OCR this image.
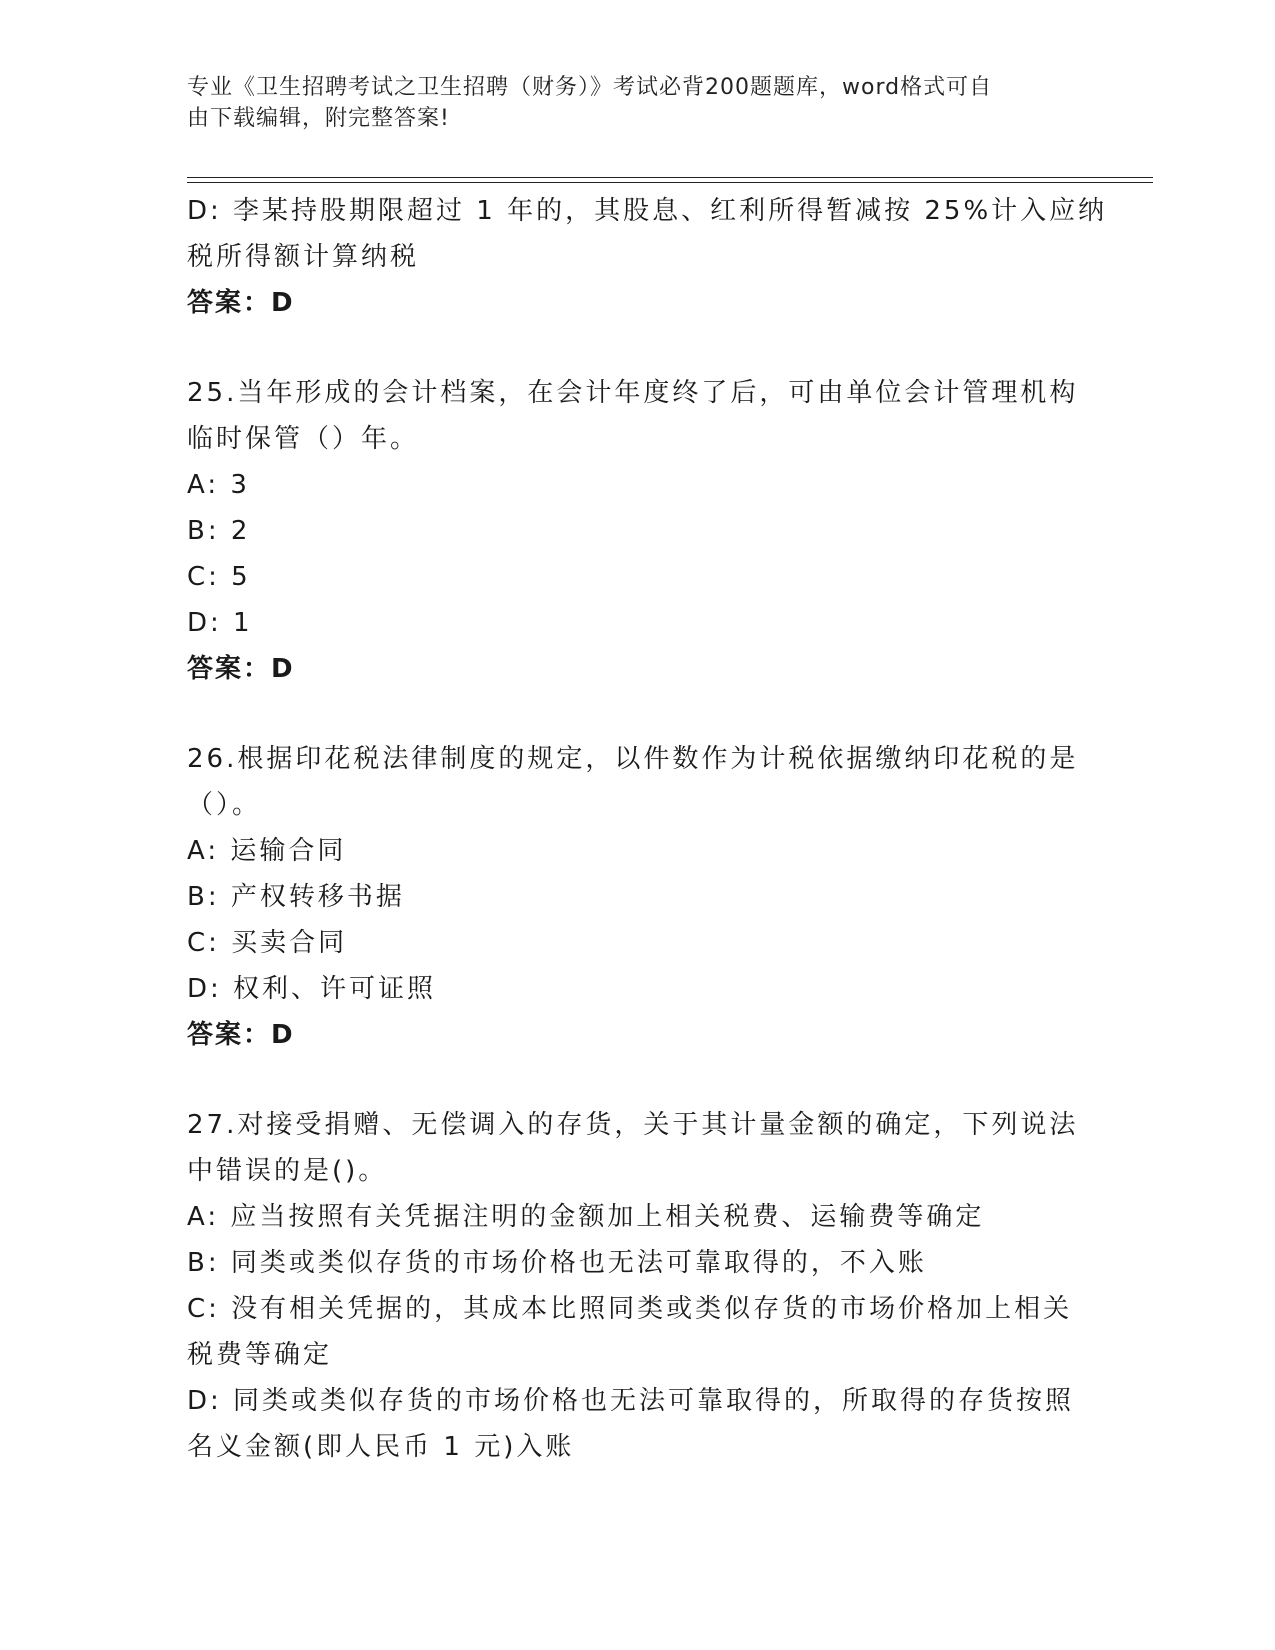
专业《卫生招聘考试之卫生招聘（财务）》考试必背200题题库，word格式可自
由下载编辑，附完整答案!
D: 李某持股期限超过 1 年的，其股息、红利所得暂减按 25%计入应纳
税所得额计算纳税
答案：D
25.当年形成的会计档案，在会计年度终了后，可由单位会计管理机构
临时保管（）年。
A: 3
B: 2
C: 5
D: 1
答案：D
26.根据印花税法律制度的规定，以件数作为计税依据缴纳印花税的是
（）。
A: 运输合同
B: 产权转移书据
C: 买卖合同
D: 权利、许可证照
答案：D
27.对接受捐赠、无偿调入的存货，关于其计量金额的确定，下列说法
中错误的是()。
A: 应当按照有关凭据注明的金额加上相关税费、运输费等确定
B: 同类或类似存货的市场价格也无法可靠取得的，不入账
C: 没有相关凭据的，其成本比照同类或类似存货的市场价格加上相关
税费等确定
D: 同类或类似存货的市场价格也无法可靠取得的，所取得的存货按照
名义金额(即人民币 1 元)入账
